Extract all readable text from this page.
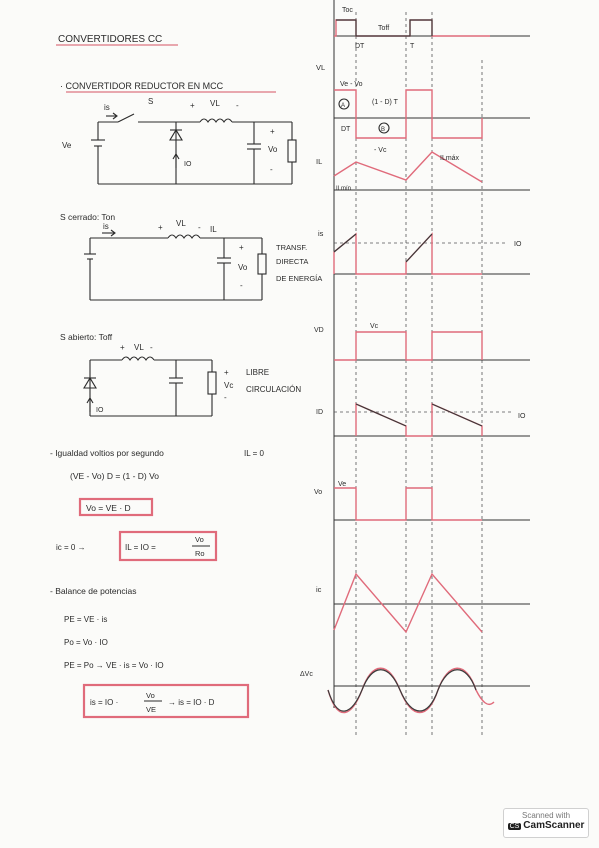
CONVERTIDORES CC
· CONVERTIDOR REDUCTOR EN MCC
is
S	+ VL -
Ve
IO
+
Vo
-
S cerrado: Ton
is	+ VL - IL
+
Vo
-
TRANSF.
DIRECTA
DE ENERGÍA
S abierto: Toff
+ VL -
IO
+
Vc
-
LIBRE
CIRCULACIÓN
- Igualdad voltios por segundo	IL = 0
(VE - Vo) D = (1 - D) Vo
Vo = VE · D
ic = 0 →	IL = IO =
Vo
Ro
- Balance de potencias
PE = VE · is
Po = Vo · IO
PE = Po → VE · is = Vo · IO
is = IO ·
Vo
VE
→ is = IO · D
Toc
Toff
DT	T
VL
Ve - Vo
A	(1 - D) T
DT	B
- Vc
IL	ILmáx
ILmín
is
IO
VD
Vc
ID
IO
Vo
Ve
ic
ΔVc
Scanned with
CS CamScanner
